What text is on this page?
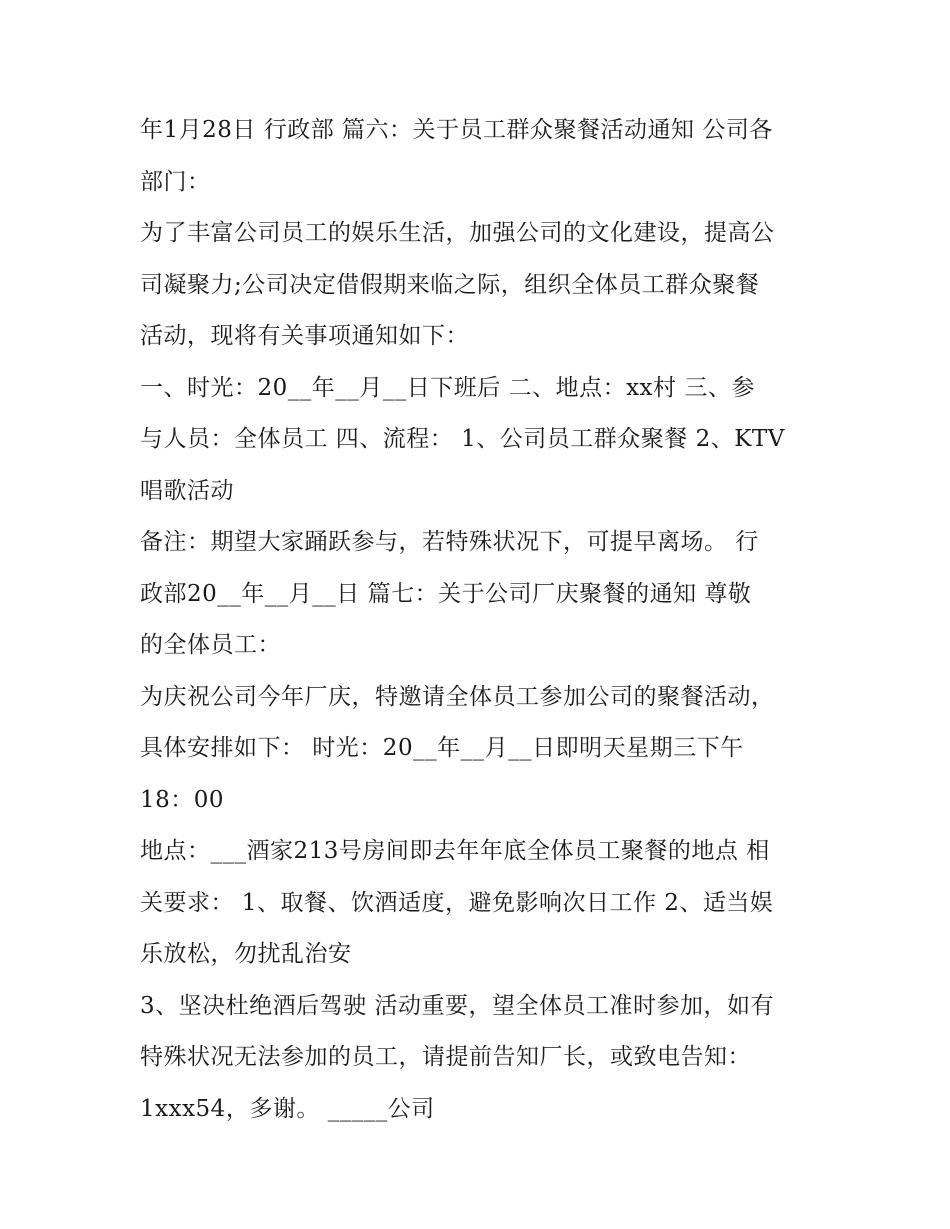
年1月28日 行政部 篇六：关于员工群众聚餐活动通知 公司各
部门：
为了丰富公司员工的娱乐生活，加强公司的文化建设，提高公
司凝聚力;公司决定借假期来临之际，组织全体员工群众聚餐
活动，现将有关事项通知如下：
一、时光：20__年__月__日下班后 二、地点：xx村 三、参
与人员：全体员工 四、流程： 1、公司员工群众聚餐 2、KTV
唱歌活动
备注：期望大家踊跃参与，若特殊状况下，可提早离场。 行
政部20__年__月__日 篇七：关于公司厂庆聚餐的通知 尊敬
的全体员工：
为庆祝公司今年厂庆，特邀请全体员工参加公司的聚餐活动，
具体安排如下： 时光：20__年__月__日即明天星期三下午
18：00
地点：___酒家213号房间即去年年底全体员工聚餐的地点 相
关要求： 1、取餐、饮酒适度，避免影响次日工作 2、适当娱
乐放松，勿扰乱治安
3、坚决杜绝酒后驾驶 活动重要，望全体员工准时参加，如有
特殊状况无法参加的员工，请提前告知厂长，或致电告知：
1xxx54，多谢。 _____公司
